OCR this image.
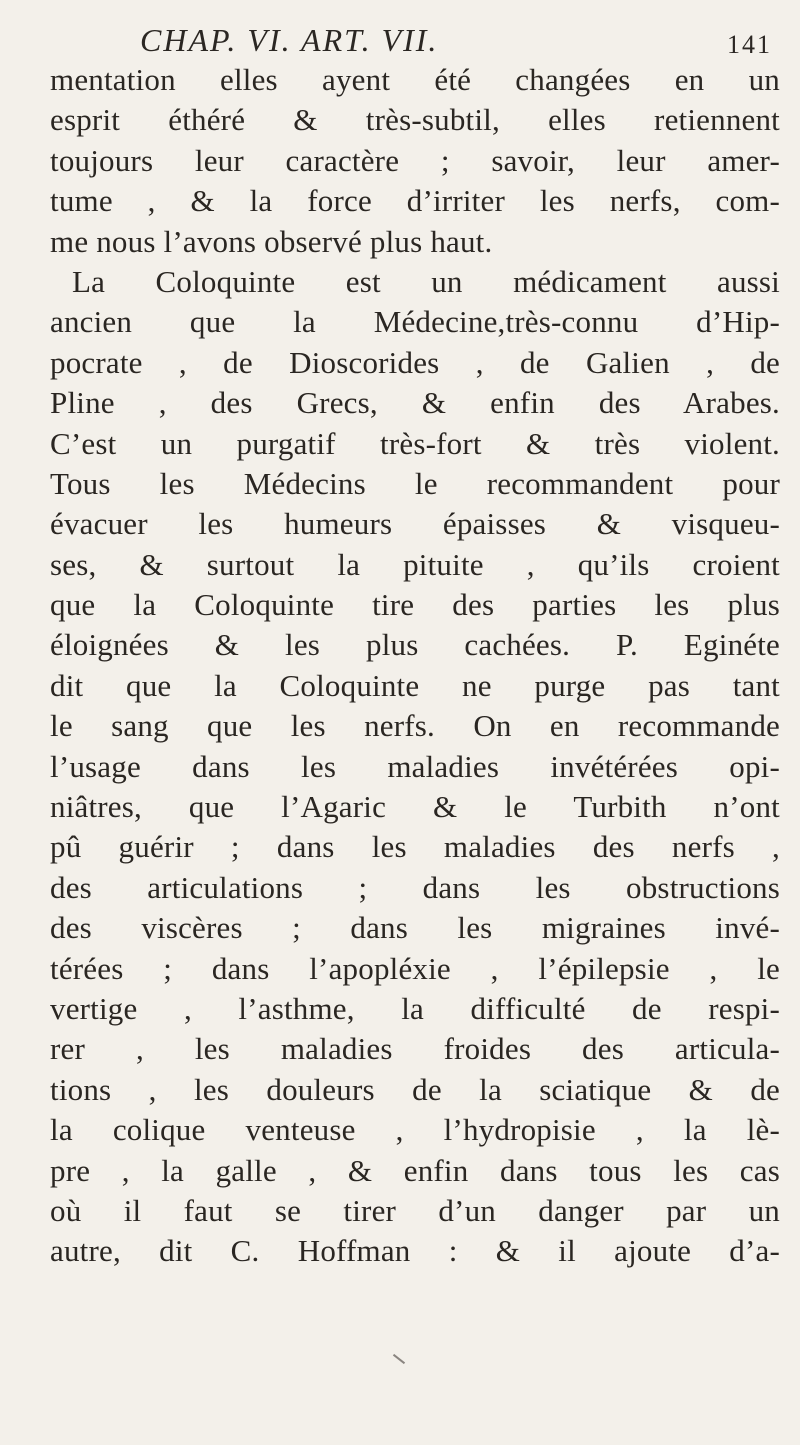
CHAP. VI. ART. VII.	141
mentation elles ayent été changées en un
esprit éthéré & très-subtil, elles retiennent
toujours leur caractère ; savoir, leur amer-
tume , & la force d’irriter les nerfs, com-
me nous l’avons observé plus haut.
La Coloquinte est un médicament aussi
ancien que la Médecine,très-connu d’Hip-
pocrate , de Dioscorides , de Galien , de
Pline , des Grecs, & enfin des Arabes.
C’est un purgatif très-fort & très violent.
Tous les Médecins le recommandent pour
évacuer les humeurs épaisses & visqueu-
ses, & surtout la pituite , qu’ils croient
que la Coloquinte tire des parties les plus
éloignées & les plus cachées. P. Eginéte
dit que la Coloquinte ne purge pas tant
le sang que les nerfs. On en recommande
l’usage dans les maladies invétérées opi-
niâtres, que l’Agaric & le Turbith n’ont
pû guérir ; dans les maladies des nerfs ,
des articulations ; dans les obstructions
des viscères ; dans les migraines invé-
térées ; dans l’apopléxie , l’épilepsie , le
vertige , l’asthme, la difficulté de respi-
rer , les maladies froides des articula-
tions , les douleurs de la sciatique & de
la colique venteuse , l’hydropisie , la lè-
pre , la galle , & enfin dans tous les cas
où il faut se tirer d’un danger par un
autre, dit C. Hoffman : & il ajoute d’a-
